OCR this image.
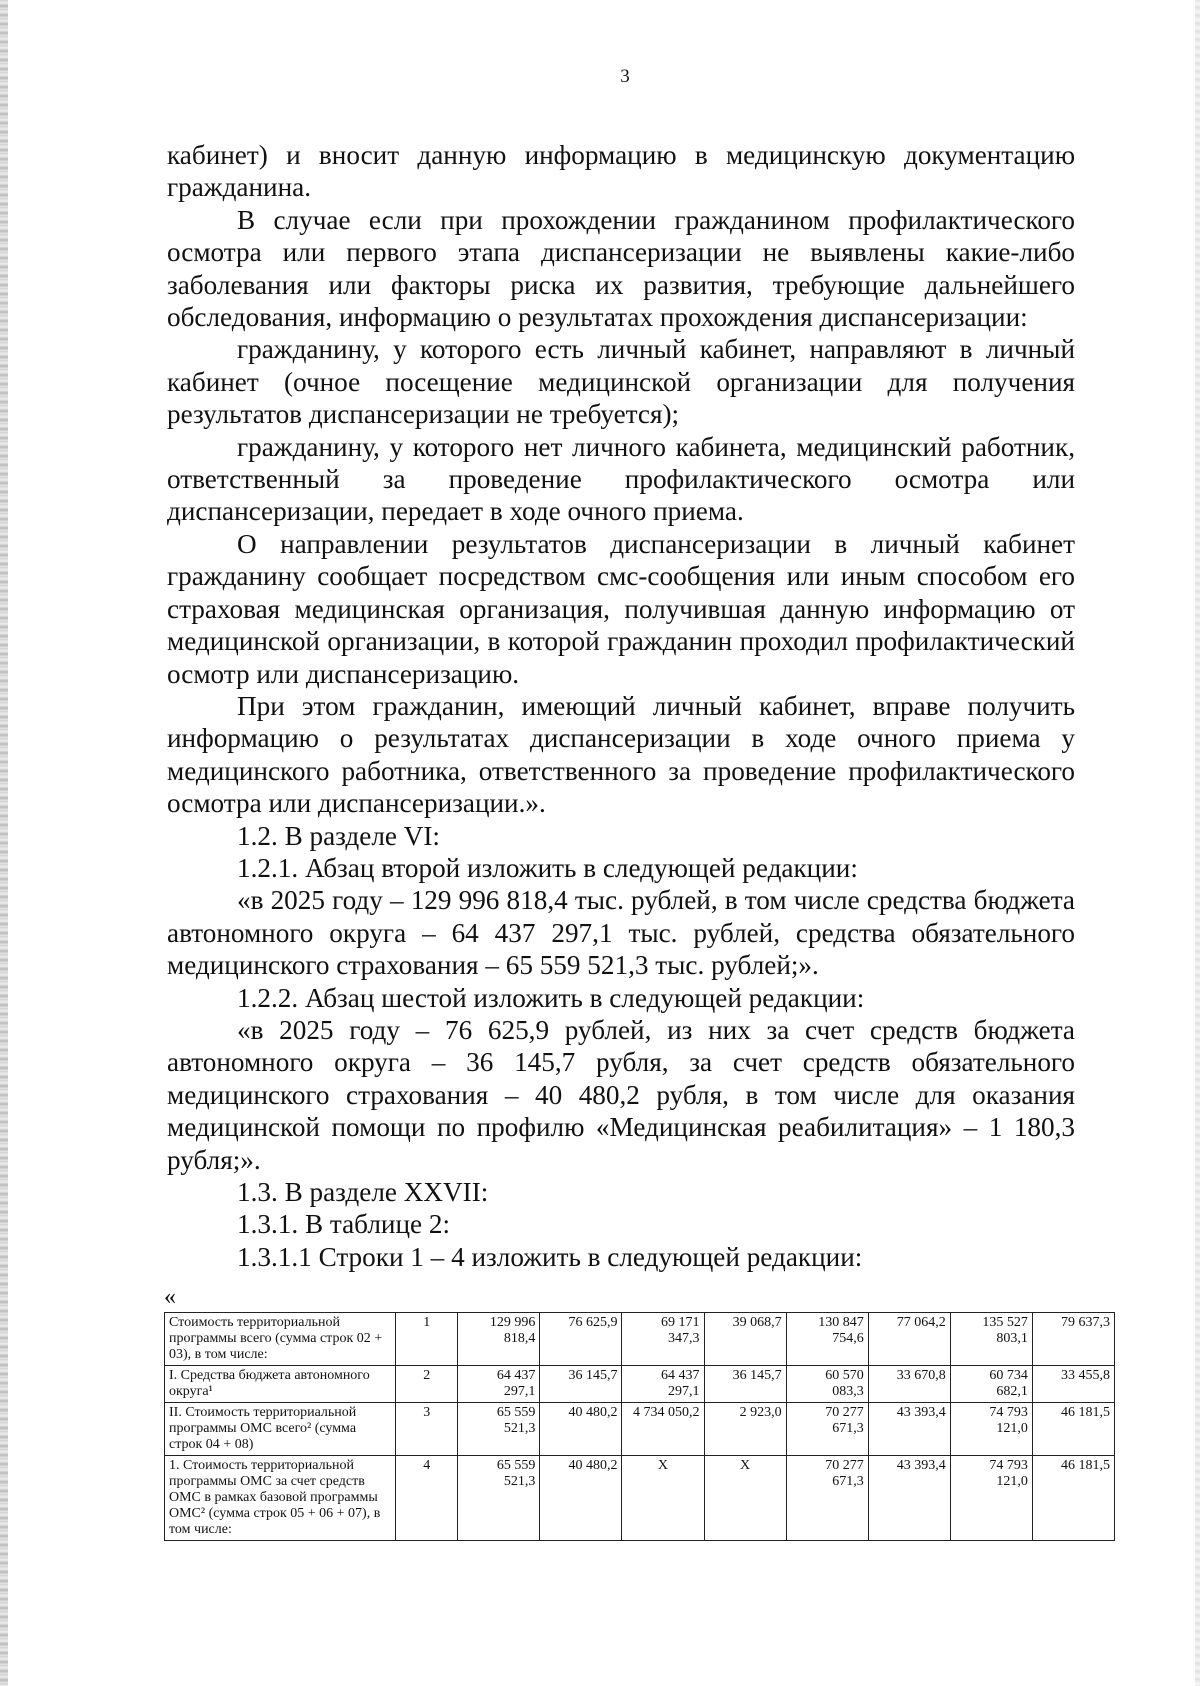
3

кабинет) и вносит данную информацию в медицинскую документацию гражданина.

В случае если при прохождении гражданином профилактического осмотра или первого этапа диспансеризации не выявлены какие-либо заболевания или факторы риска их развития, требующие дальнейшего обследования, информацию о результатах прохождения диспансеризации:

гражданину, у которого есть личный кабинет, направляют в личный кабинет (очное посещение медицинской организации для получения результатов диспансеризации не требуется);

гражданину, у которого нет личного кабинета, медицинский работник, ответственный за проведение профилактического осмотра или диспансеризации, передает в ходе очного приема.

О направлении результатов диспансеризации в личный кабинет гражданину сообщает посредством смс-сообщения или иным способом его страховая медицинская организация, получившая данную информацию от медицинской организации, в которой гражданин проходил профилактический осмотр или диспансеризацию.

При этом гражданин, имеющий личный кабинет, вправе получить информацию о результатах диспансеризации в ходе очного приема у медицинского работника, ответственного за проведение профилактического осмотра или диспансеризации.».

1.2. В разделе VI:

1.2.1. Абзац второй изложить в следующей редакции:

«в 2025 году – 129 996 818,4 тыс. рублей, в том числе средства бюджета автономного округа – 64 437 297,1 тыс. рублей, средства обязательного медицинского страхования – 65 559 521,3 тыс. рублей;».

1.2.2. Абзац шестой изложить в следующей редакции:

«в 2025 году – 76 625,9 рублей, из них за счет средств бюджета автономного округа – 36 145,7 рубля, за счет средств обязательного медицинского страхования – 40 480,2 рубля, в том числе для оказания медицинской помощи по профилю «Медицинская реабилитация» – 1 180,3 рубля;».

1.3. В разделе XXVII:

1.3.1. В таблице 2:

1.3.1.1 Строки 1 – 4 изложить в следующей редакции:

«
Стоимость территориальной программы всего (сумма строк 02 + 03), в том числе:	1	129 996 818,4	76 625,9	69 171 347,3	39 068,7	130 847 754,6	77 064,2	135 527 803,1	79 637,3
I. Средства бюджета автономного округа¹	2	64 437 297,1	36 145,7	64 437 297,1	36 145,7	60 570 083,3	33 670,8	60 734 682,1	33 455,8
II. Стоимость территориальной программы ОМС всего² (сумма строк 04 + 08)	3	65 559 521,3	40 480,2	4 734 050,2	2 923,0	70 277 671,3	43 393,4	74 793 121,0	46 181,5
1. Стоимость территориальной программы ОМС за счет средств ОМС в рамках базовой программы ОМС² (сумма строк 05 + 06 + 07), в том числе:	4	65 559 521,3	40 480,2	Х	Х	70 277 671,3	43 393,4	74 793 121,0	46 181,5
